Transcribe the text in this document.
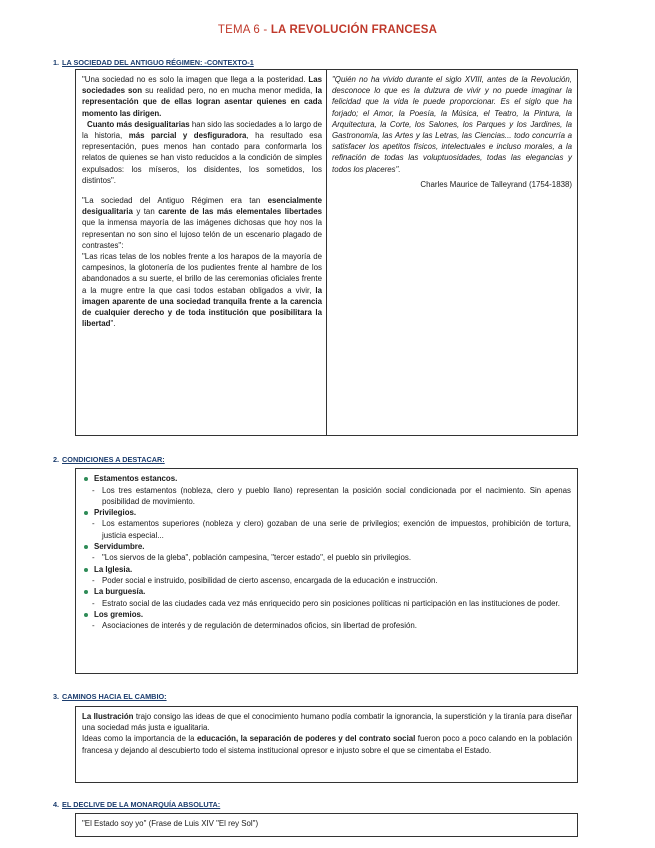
TEMA 6 - LA REVOLUCIÓN FRANCESA
1. LA SOCIEDAD DEL ANTIGUO RÉGIMEN: -CONTEXTO-1

"Una sociedad no es solo la imagen que llega a la posteridad. Las sociedades son su realidad pero, no en mucha menor medida, la representación que de ellas logran asentar quienes en cada momento las dirigen.

Cuanto más desigualitarias han sido las sociedades a lo largo de la historia, más parcial y desfiguradora, ha resultado esa representación, pues menos han contado para conformarla los relatos de quienes se han visto reducidos a la condición de simples expulsados: los míseros, los disidentes, los sometidos, los distintos".

"La sociedad del Antiguo Régimen era tan esencialmente desigualitaria y tan carente de las más elementales libertades que la inmensa mayoría de las imágenes dichosas que hoy nos la representan no son sino el lujoso telón de un escenario plagado de contrastes":

"Las ricas telas de los nobles frente a los harapos de la mayoría de campesinos, la glotonería de los pudientes frente al hambre de los abandonados a su suerte, el brillo de las ceremonias oficiales frente a la mugre entre la que casi todos estaban obligados a vivir, la imagen aparente de una sociedad tranquila frente a la carencia de cualquier derecho y de toda institución que posibilitara la libertad".

"Quién no ha vivido durante el siglo XVIII, antes de la Revolución, desconoce lo que es la dulzura de vivir y no puede imaginar la felicidad que la vida le puede proporcionar. Es el siglo que ha forjado; el Amor, la Poesía, la Música, el Teatro, la Pintura, la Arquitectura, la Corte, los Salones, los Parques y los Jardines, la Gastronomía, las Artes y las Letras, las Ciencias... todo concurría a satisfacer los apetitos físicos, intelectuales e incluso morales, a la refinación de todas las voluptuosidades, todas las elegancias y todos los placeres".

Charles Maurice de Talleyrand (1754-1838)

2. CONDICIONES A DESTACAR:
Estamentos estancos.
- Los tres estamentos (nobleza, clero y pueblo llano) representan la posición social condicionada por el nacimiento. Sin apenas posibilidad de movimiento.
Privilegios.
- Los estamentos superiores (nobleza y clero) gozaban de una serie de privilegios; exención de impuestos, prohibición de tortura, justicia especial...
Servidumbre.
- "Los siervos de la gleba", población campesina, "tercer estado", el pueblo sin privilegios.
La Iglesia.
- Poder social e instruido, posibilidad de cierto ascenso, encargada de la educación e instrucción.
La burguesía.
- Estrato social de las ciudades cada vez más enriquecido pero sin posiciones políticas ni participación en las instituciones de poder.
Los gremios.
- Asociaciones de interés y de regulación de determinados oficios, sin libertad de profesión.
3. CAMINOS HACIA EL CAMBIO:

La Ilustración trajo consigo las ideas de que el conocimiento humano podía combatir la ignorancia, la superstición y la tiranía para diseñar una sociedad más justa e igualitaria.

Ideas como la importancia de la educación, la separación de poderes y del contrato social fueron poco a poco calando en la población francesa y dejando al descubierto todo el sistema institucional opresor e injusto sobre el que se cimentaba el Estado.

4. EL DECLIVE DE LA MONARQUÍA ABSOLUTA:

"El Estado soy yo" (Frase de Luis XIV "El rey Sol")
